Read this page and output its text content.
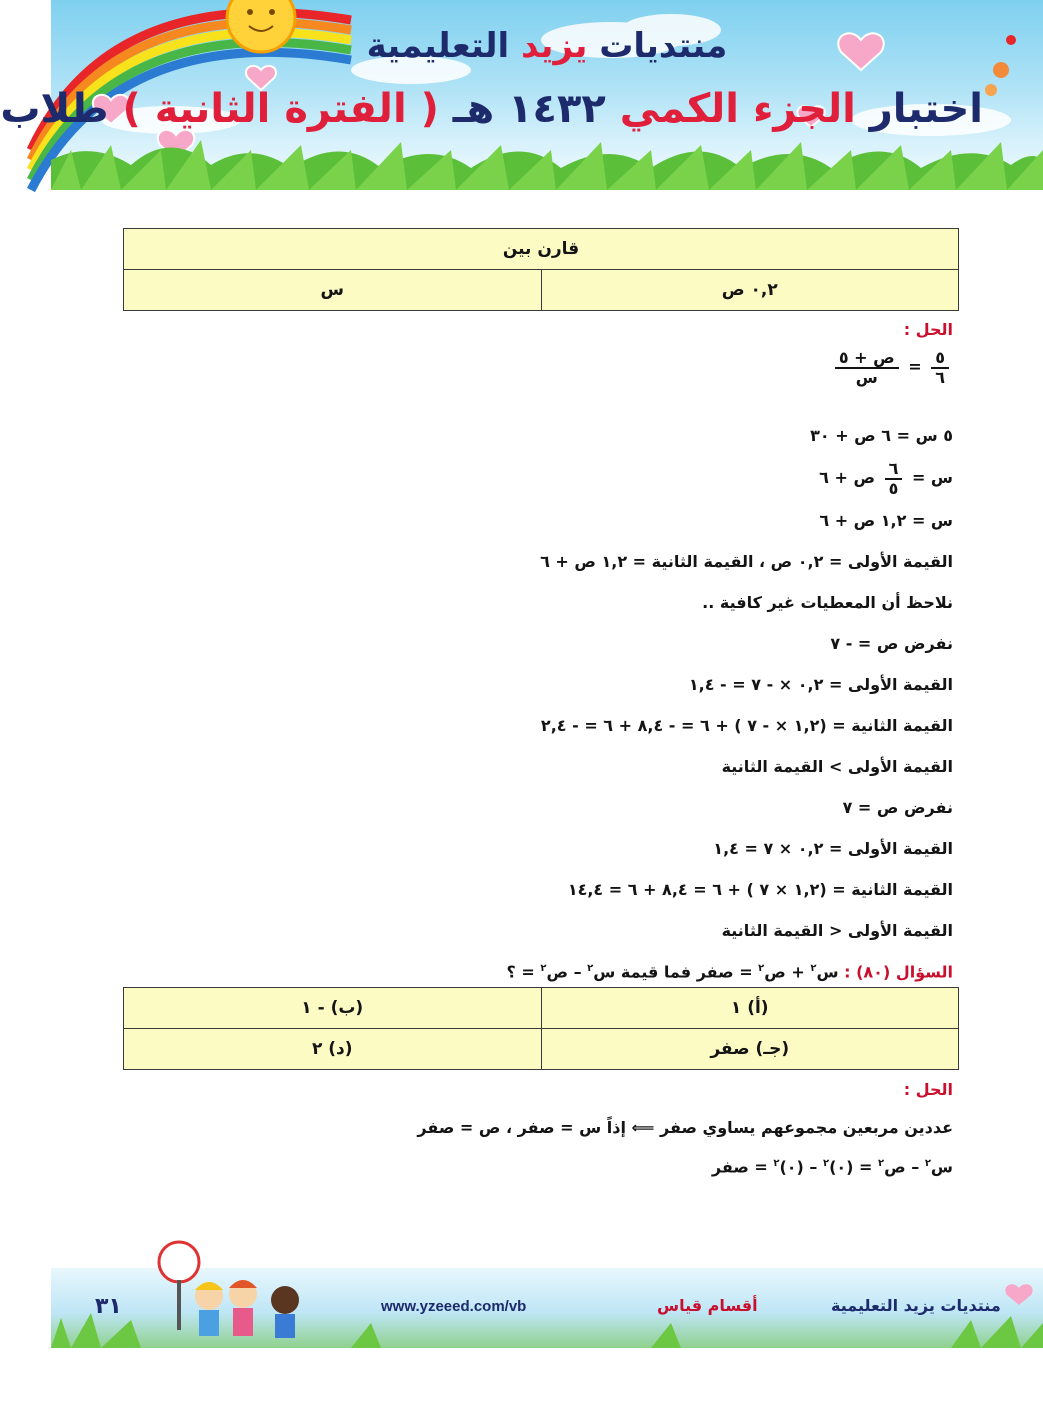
منتديات يزيد التعليمية
اختبار الجزء الكمي ١٤٣٢ هـ ( الفترة الثانية ) طلاب
قارن بين
٠,٢ ص	س
الحل :
$\frac{٥}{٦}$
=
$\frac{\text{ص + ٥}}{\text{س}}$
٥ س = ٦ ص + ٣٠
س =
$\frac{٦}{٥}$
ص + ٦
س = ١,٢ ص + ٦
القيمة الأولى = ٠,٢ ص ، القيمة الثانية = ١,٢ ص + ٦
نلاحظ أن المعطيات غير كافية ..
نفرض ص = - ٧
القيمة الأولى = ٠,٢ × - ٧ = - ١,٤
القيمة الثانية = (١,٢ × - ٧ ) + ٦ = - ٨,٤ + ٦ = - ٢,٤
القيمة الأولى > القيمة الثانية
نفرض ص = ٧
القيمة الأولى = ٠,٢ × ٧ = ١,٤
القيمة الثانية = (١,٢ × ٧ ) + ٦ = ٨,٤ + ٦ = ١٤,٤
القيمة الأولى < القيمة الثانية
السؤال (٨٠) : س$^٢$ + ص$^٢$ = صفر فما قيمة س$^٢$ – ص$^٢$ = ؟
(أ) ١	(ب) - ١
(جـ) صفر	(د) ٢
الحل :
عددين مربعين مجموعهم يساوي صفر ⟸ إذاً س = صفر ، ص = صفر
س$^٢$ – ص$^٢$ = (٠)$^٢$ – (٠)$^٢$ = صفر
٣١	www.yzeeed.com/vb	أقسام قياس	منتديات يزيد التعليمية
